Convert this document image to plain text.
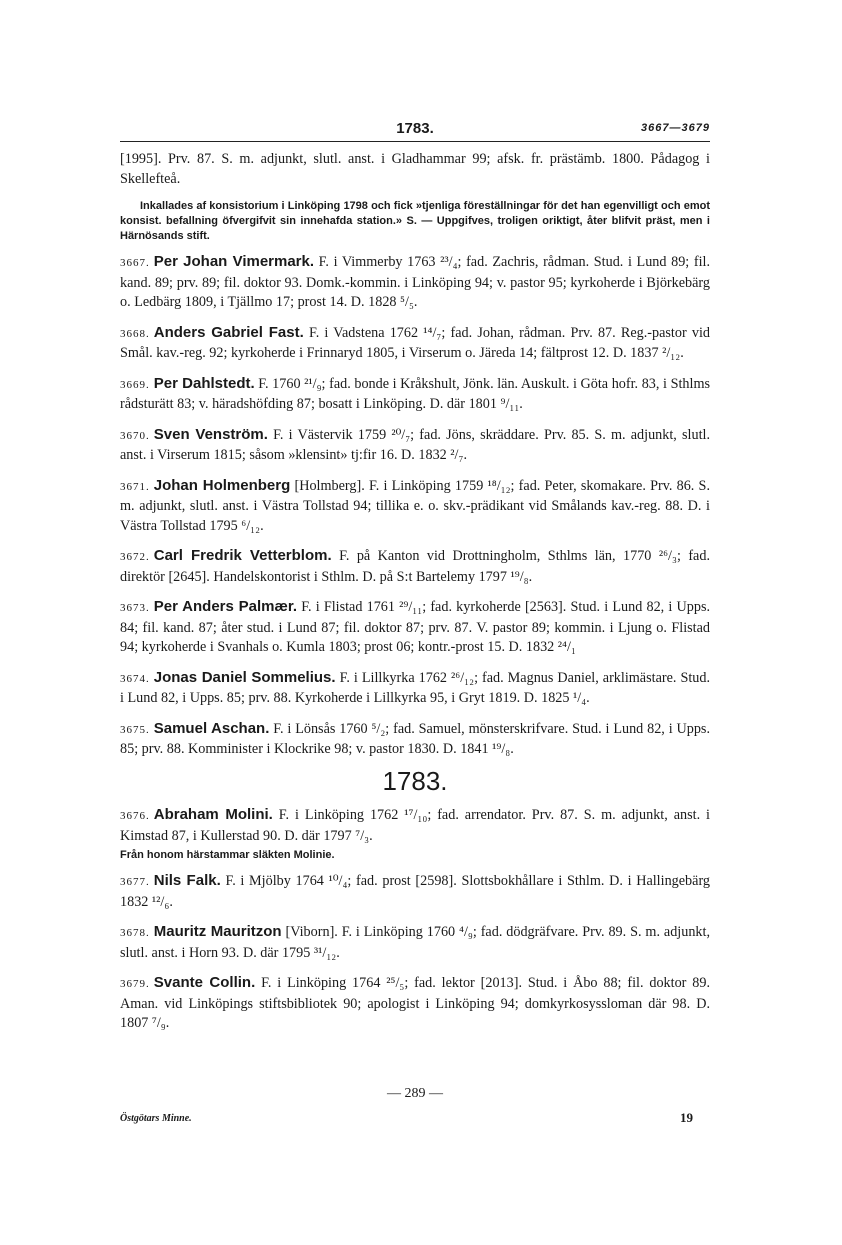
1783.	3667—3679

[1995]. Prv. 87. S. m. adjunkt, slutl. anst. i Gladhammar 99; afsk. fr. prästämb. 1800. Pådagog i Skellefteå.

Inkallades af konsistorium i Linköping 1798 och fick »tjenliga föreställningar för det han egenvilligt och emot konsist. befallning öfvergifvit sin innehafda station.» S. — Uppgifves, troligen oriktigt, åter blifvit präst, men i Härnösands stift.

3667. Per Johan Vimermark. F. i Vimmerby 1763 ²³/₄; fad. Zachris, rådman. Stud. i Lund 89; fil. kand. 89; prv. 89; fil. doktor 93. Domk.-kommin. i Linköping 94; v. pastor 95; kyrkoherde i Björkebärg o. Ledbärg 1809, i Tjällmo 17; prost 14. D. 1828 ⁵/₅.

3668. Anders Gabriel Fast. F. i Vadstena 1762 ¹⁴/₇; fad. Johan, rådman. Prv. 87. Reg.-pastor vid Smål. kav.-reg. 92; kyrkoherde i Frinnaryd 1805, i Virserum o. Järeda 14; fältprost 12. D. 1837 ²/₁₂.

3669. Per Dahlstedt. F. 1760 ²¹/₉; fad. bonde i Kråkshult, Jönk. län. Auskult. i Göta hofr. 83, i Sthlms rådsturätt 83; v. häradshöfding 87; bosatt i Linköping. D. där 1801 ⁹/₁₁.

3670. Sven Venström. F. i Västervik 1759 ²⁰/₇; fad. Jöns, skräddare. Prv. 85. S. m. adjunkt, slutl. anst. i Virserum 1815; såsom »klensint» tj:fir 16. D. 1832 ²/₇.

3671. Johan Holmenberg [Holmberg]. F. i Linköping 1759 ¹⁸/₁₂; fad. Peter, skomakare. Prv. 86. S. m. adjunkt, slutl. anst. i Västra Tollstad 94; tillika e. o. skv.-prädikant vid Smålands kav.-reg. 88. D. i Västra Tollstad 1795 ⁶/₁₂.

3672. Carl Fredrik Vetterblom. F. på Kanton vid Drottningholm, Sthlms län, 1770 ²⁶/₃; fad. direktör [2645]. Handelskontorist i Sthlm. D. på S:t Bartelemy 1797 ¹⁹/₈.

3673. Per Anders Palmær. F. i Flistad 1761 ²⁹/₁₁; fad. kyrkoherde [2563]. Stud. i Lund 82, i Upps. 84; fil. kand. 87; åter stud. i Lund 87; fil. doktor 87; prv. 87. V. pastor 89; kommin. i Ljung o. Flistad 94; kyrkoherde i Svanhals o. Kumla 1803; prost 06; kontr.-prost 15. D. 1832 ²⁴/₁

3674. Jonas Daniel Sommelius. F. i Lillkyrka 1762 ²⁶/₁₂; fad. Magnus Daniel, arklimästare. Stud. i Lund 82, i Upps. 85; prv. 88. Kyrkoherde i Lillkyrka 95, i Gryt 1819. D. 1825 ¹/₄.

3675. Samuel Aschan. F. i Lönsås 1760 ⁵/₂; fad. Samuel, mönsterskrifvare. Stud. i Lund 82, i Upps. 85; prv. 88. Komminister i Klockrike 98; v. pastor 1830. D. 1841 ¹⁹/₈.

1783.

3676. Abraham Molini. F. i Linköping 1762 ¹⁷/₁₀; fad. arrendator. Prv. 87. S. m. adjunkt, anst. i Kimstad 87, i Kullerstad 90. D. där 1797 ⁷/₃.

Från honom härstammar släkten Molinie.

3677. Nils Falk. F. i Mjölby 1764 ¹⁰/₄; fad. prost [2598]. Slottsbokhållare i Sthlm. D. i Hallingebärg 1832 ¹²/₆.

3678. Mauritz Mauritzon [Viborn]. F. i Linköping 1760 ⁴/₉; fad. dödgräfvare. Prv. 89. S. m. adjunkt, slutl. anst. i Horn 93. D. där 1795 ³¹/₁₂.

3679. Svante Collin. F. i Linköping 1764 ²⁵/₅; fad. lektor [2013]. Stud. i Åbo 88; fil. doktor 89. Aman. vid Linköpings stiftsbibliotek 90; apologist i Linköping 94; domkyrkosyssloman där 98. D. 1807 ⁷/₉.

— 289 —
Östgötars Minne.	19
